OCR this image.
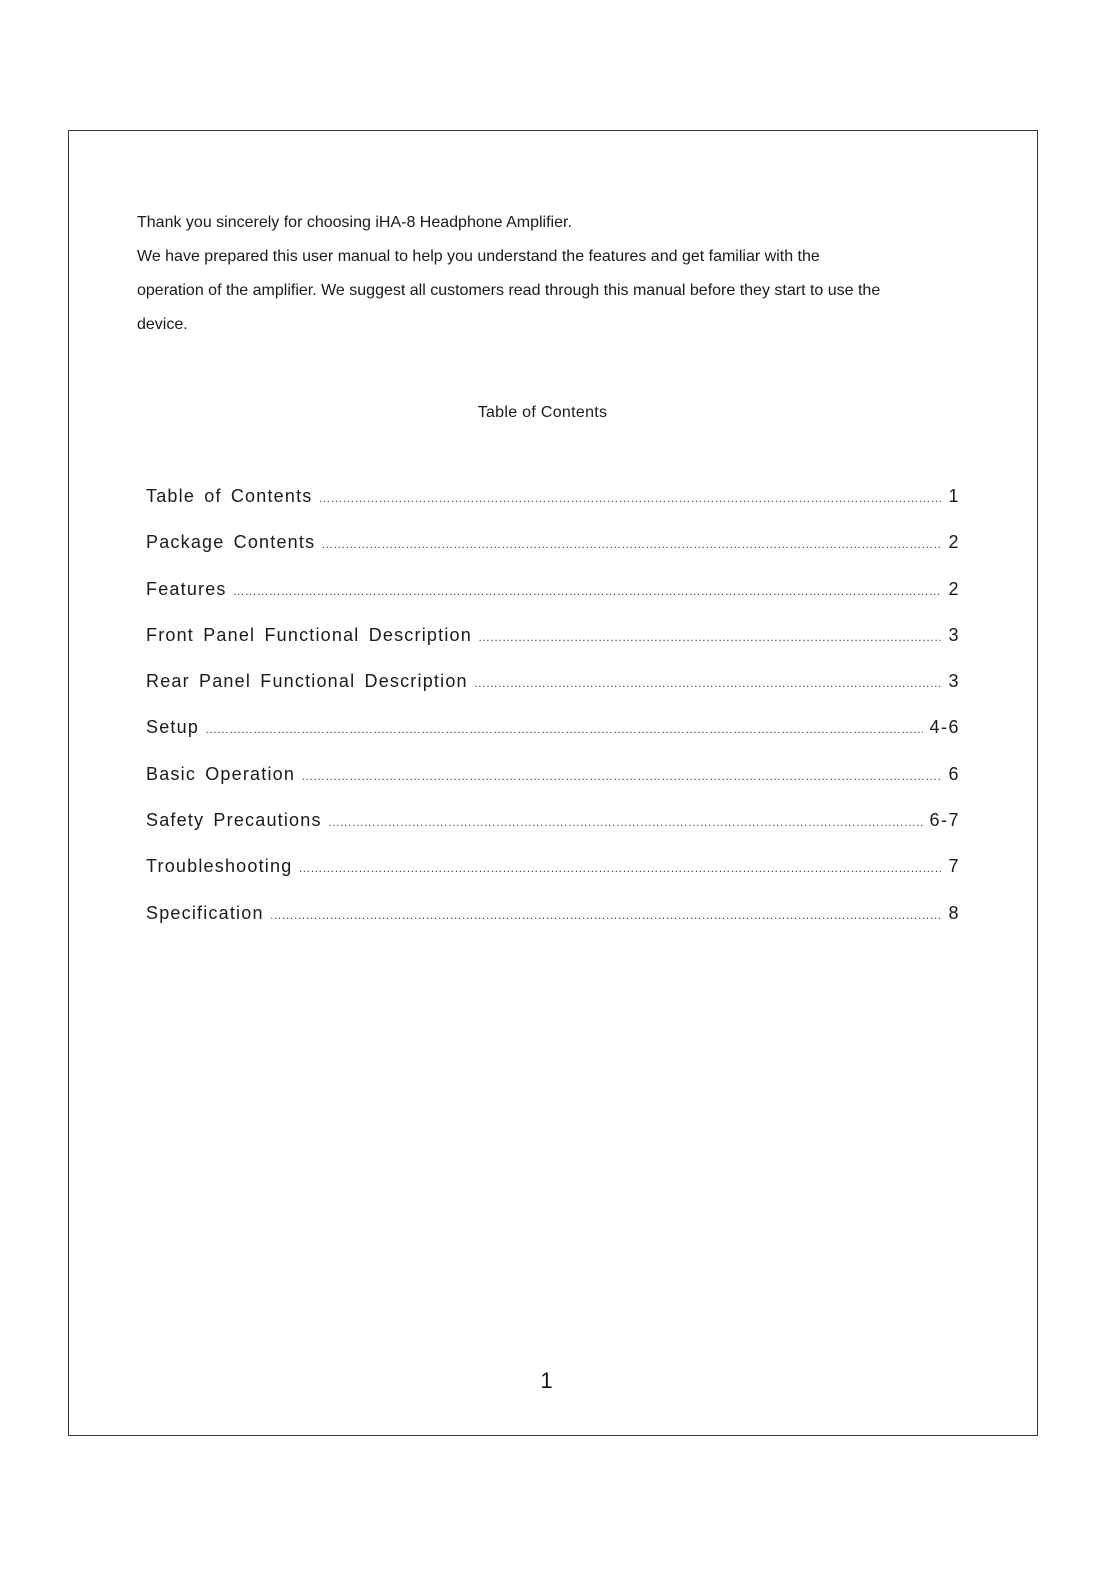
Thank you sincerely for choosing iHA-8 Headphone Amplifier.

We have prepared this user manual to help you understand the features and get familiar with the

operation of the amplifier. We suggest all customers read through this manual before they start to use the

device.

Table of Contents
Table of Contents …………………………………………………………………………………………………………………………………………………………………………………………………………………………………………	1
Package Contents …………………………………………………………………………………………………………………………………………………………………………………………………………………………………………	2
Features …………………………………………………………………………………………………………………………………………………………………………………………………………………………………………	2
Front Panel Functional Description …………………………………………………………………………………………………………………………………………………………………………………………………………………………………………	3
Rear Panel Functional Description …………………………………………………………………………………………………………………………………………………………………………………………………………………………………………	3
Setup …………………………………………………………………………………………………………………………………………………………………………………………………………………………………………	4-6
Basic Operation …………………………………………………………………………………………………………………………………………………………………………………………………………………………………………	6
Safety Precautions …………………………………………………………………………………………………………………………………………………………………………………………………………………………………………	6-7
Troubleshooting …………………………………………………………………………………………………………………………………………………………………………………………………………………………………………	7
Specification …………………………………………………………………………………………………………………………………………………………………………………………………………………………………………	8
1
